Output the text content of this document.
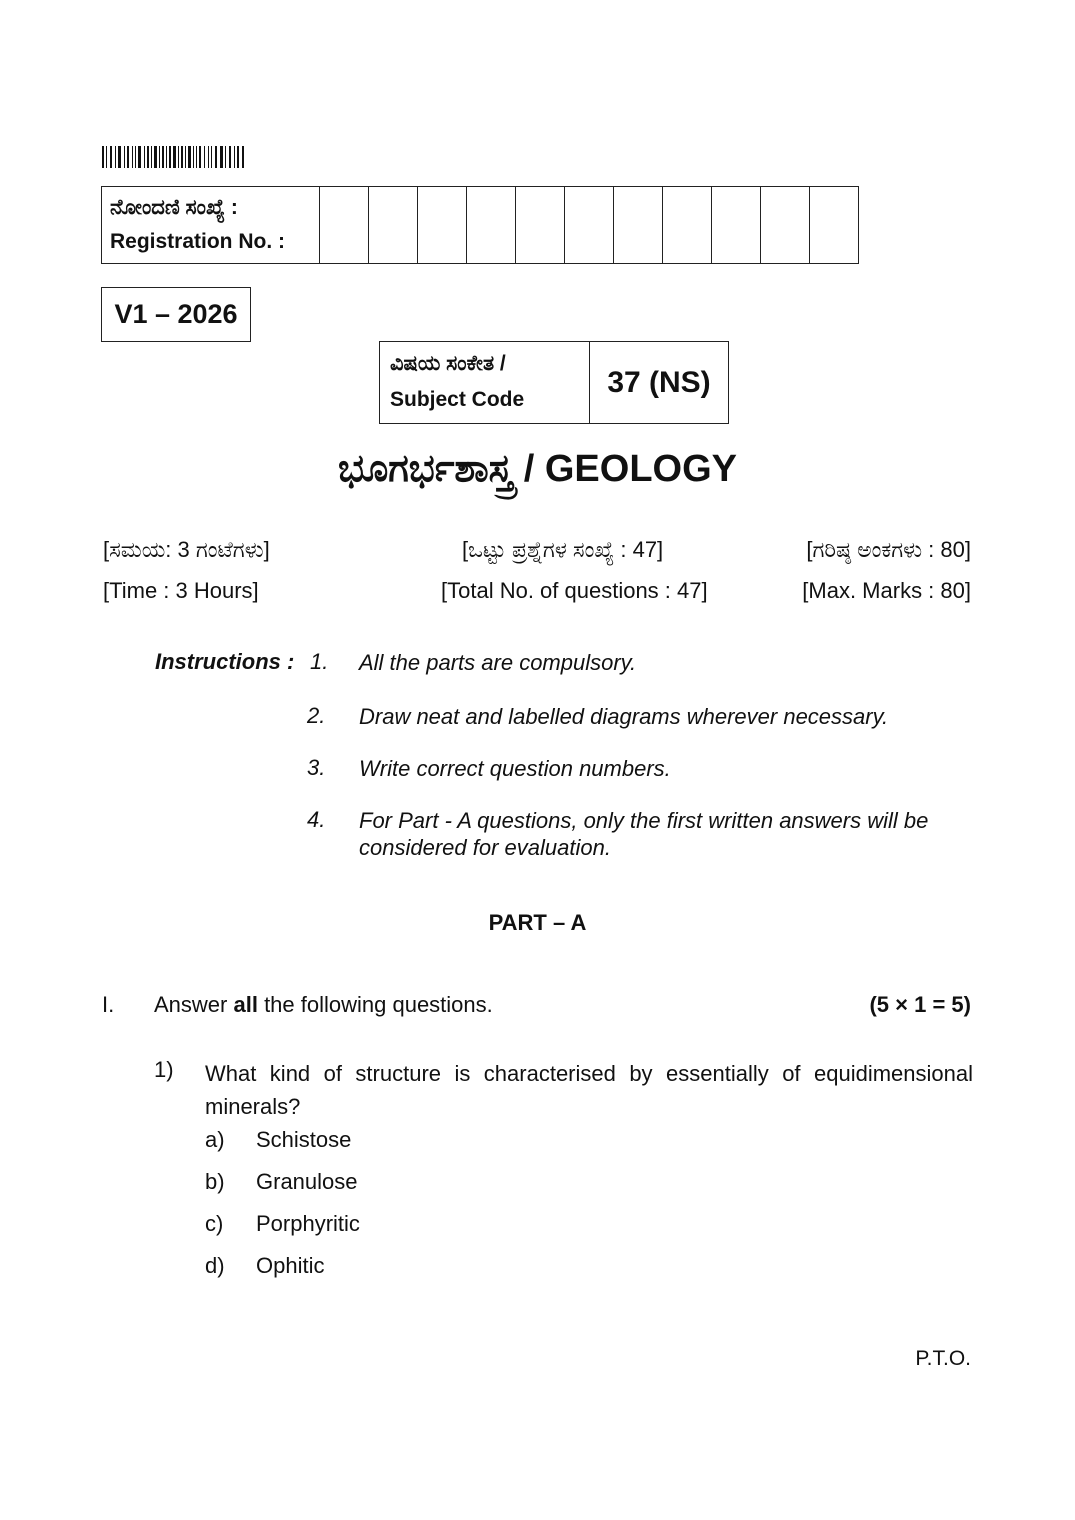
ನೋಂದಣಿ ಸಂಖ್ಯೆ :
Registration No. :
V1 – 2026
ವಿಷಯ ಸಂಕೇತ /
Subject Code
37 (NS)
ಭೂಗರ್ಭಶಾಸ್ತ್ರ / GEOLOGY
[ಸಮಯ: 3 ಗಂಟೆಗಳು]	[ಒಟ್ಟು ಪ್ರಶ್ನೆಗಳ ಸಂಖ್ಯೆ : 47]	[ಗರಿಷ್ಠ ಅಂಕಗಳು : 80]
[Time : 3 Hours]	[Total No. of questions : 47]	[Max. Marks : 80]
Instructions : 1. All the parts are compulsory.
2. Draw neat and labelled diagrams wherever necessary.
3. Write correct question numbers.
4. For Part - A questions, only the first written answers will be considered for evaluation.
PART – A
I. Answer all the following questions.	(5 × 1 = 5)
1) What kind of structure is characterised by essentially of equidimensional minerals?
a) Schistose
b) Granulose
c) Porphyritic
d) Ophitic
P.T.O.
